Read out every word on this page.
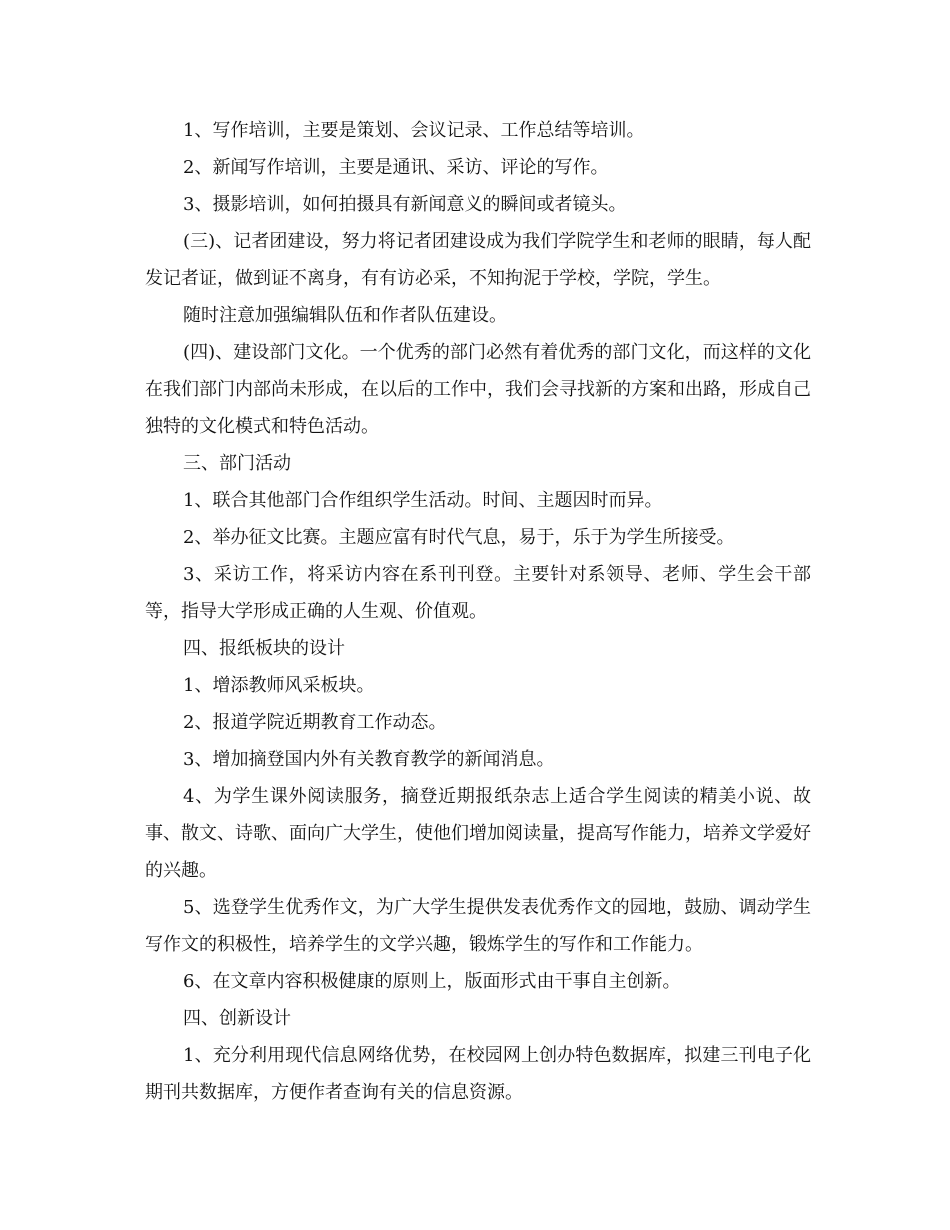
1、写作培训，主要是策划、会议记录、工作总结等培训。

2、新闻写作培训，主要是通讯、采访、评论的写作。

3、摄影培训，如何拍摄具有新闻意义的瞬间或者镜头。

(三)、记者团建设，努力将记者团建设成为我们学院学生和老师的眼睛，每人配发记者证，做到证不离身，有有访必采，不知拘泥于学校，学院，学生。

随时注意加强编辑队伍和作者队伍建设。

(四)、建设部门文化。一个优秀的部门必然有着优秀的部门文化，而这样的文化在我们部门内部尚未形成，在以后的工作中，我们会寻找新的方案和出路，形成自己独特的文化模式和特色活动。

三、部门活动

1、联合其他部门合作组织学生活动。时间、主题因时而异。

2、举办征文比赛。主题应富有时代气息，易于，乐于为学生所接受。

3、采访工作，将采访内容在系刊刊登。主要针对系领导、老师、学生会干部等，指导大学形成正确的人生观、价值观。

四、报纸板块的设计

1、增添教师风采板块。

2、报道学院近期教育工作动态。

3、增加摘登国内外有关教育教学的新闻消息。

4、为学生课外阅读服务，摘登近期报纸杂志上适合学生阅读的精美小说、故事、散文、诗歌、面向广大学生，使他们增加阅读量，提高写作能力，培养文学爱好的兴趣。

5、选登学生优秀作文，为广大学生提供发表优秀作文的园地，鼓励、调动学生写作文的积极性，培养学生的文学兴趣，锻炼学生的写作和工作能力。

6、在文章内容积极健康的原则上，版面形式由干事自主创新。

四、创新设计

1、充分利用现代信息网络优势，在校园网上创办特色数据库，拟建三刊电子化期刊共数据库，方便作者查询有关的信息资源。
